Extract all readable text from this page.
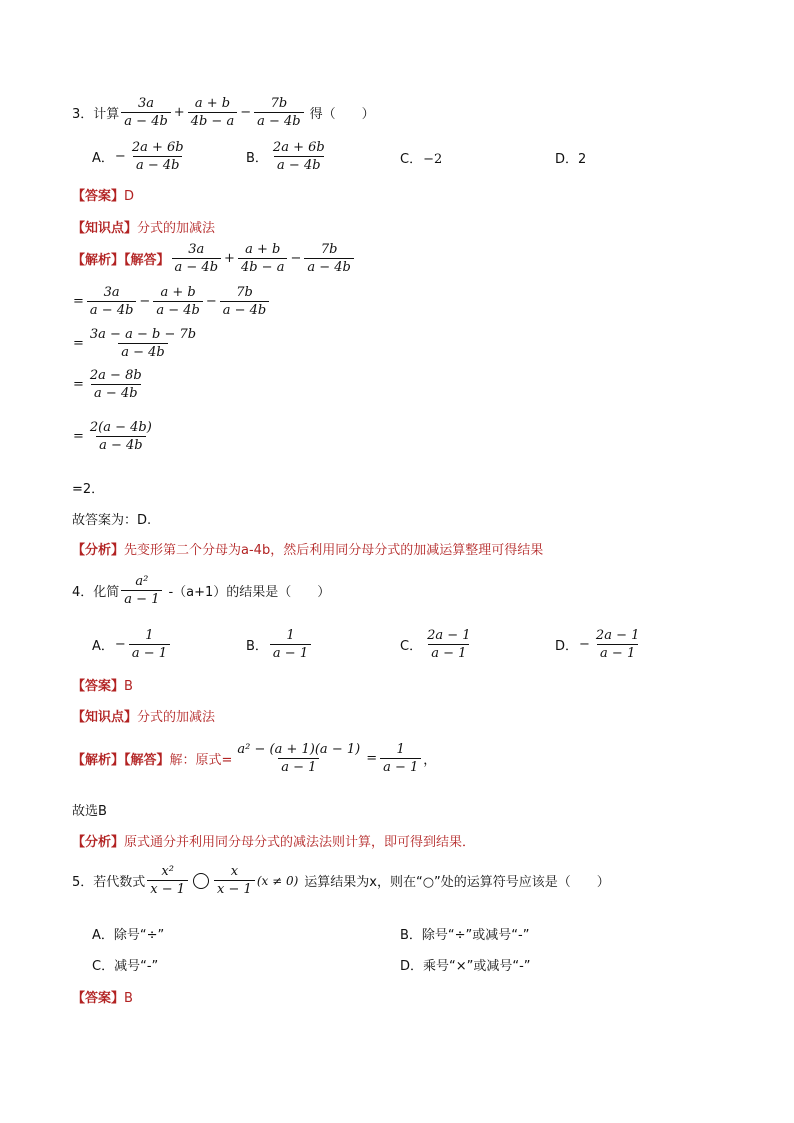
3．计算 $\frac{3a}{a - 4b} + \frac{a + b}{4b - a} - \frac{7b}{a - 4b}$ 得（　　）
A． − $\frac{2a + 6b}{a - 4b}$	B． $\frac{2a + 6b}{a - 4b}$	C．−2	D．2
【答案】D
【知识点】分式的加减法
【解析】【解答】 $\frac{3a}{a - 4b} + \frac{a + b}{4b - a} - \frac{7b}{a - 4b}$
= $\frac{3a}{a - 4b} - \frac{a + b}{a - 4b} - \frac{7b}{a - 4b}$
= $\frac{3a - a - b - 7b}{a - 4b}$
= $\frac{2a - 8b}{a - 4b}$
= $\frac{2(a - 4b)}{a - 4b}$
=2．
故答案为：D.
【分析】先变形第二个分母为a-4b，然后利用同分母分式的加减运算整理可得结果
4．化简 $\frac{\text{a²}}{a - 1} -(a+1)$的结果是（　　）
A． − $\frac{1}{a - 1}$	B． $\frac{1}{a - 1}$	C． $\frac{2a - 1}{a - 1}$	D． − $\frac{2a - 1}{a - 1}$
【答案】B
【知识点】分式的加减法
【解析】【解答】 解：原式= $\frac{\text{a² − (a + 1)(a − 1)}}{a - 1} = \frac{1}{a - 1}$ ，
故选B
【分析】原式通分并利用同分母分式的减法法则计算，即可得到结果．
5．若代数式 $\frac{\text{x²}}{x - 1} \frac{x}{x - 1} (x \ne 0)$ 运算结果为x，则在“○”处的运算符号应该是（　　）
A．除号“÷”	B．除号“÷”或减号“-”
C．减号“-”	D．乘号“×”或减号“-”
【答案】B
